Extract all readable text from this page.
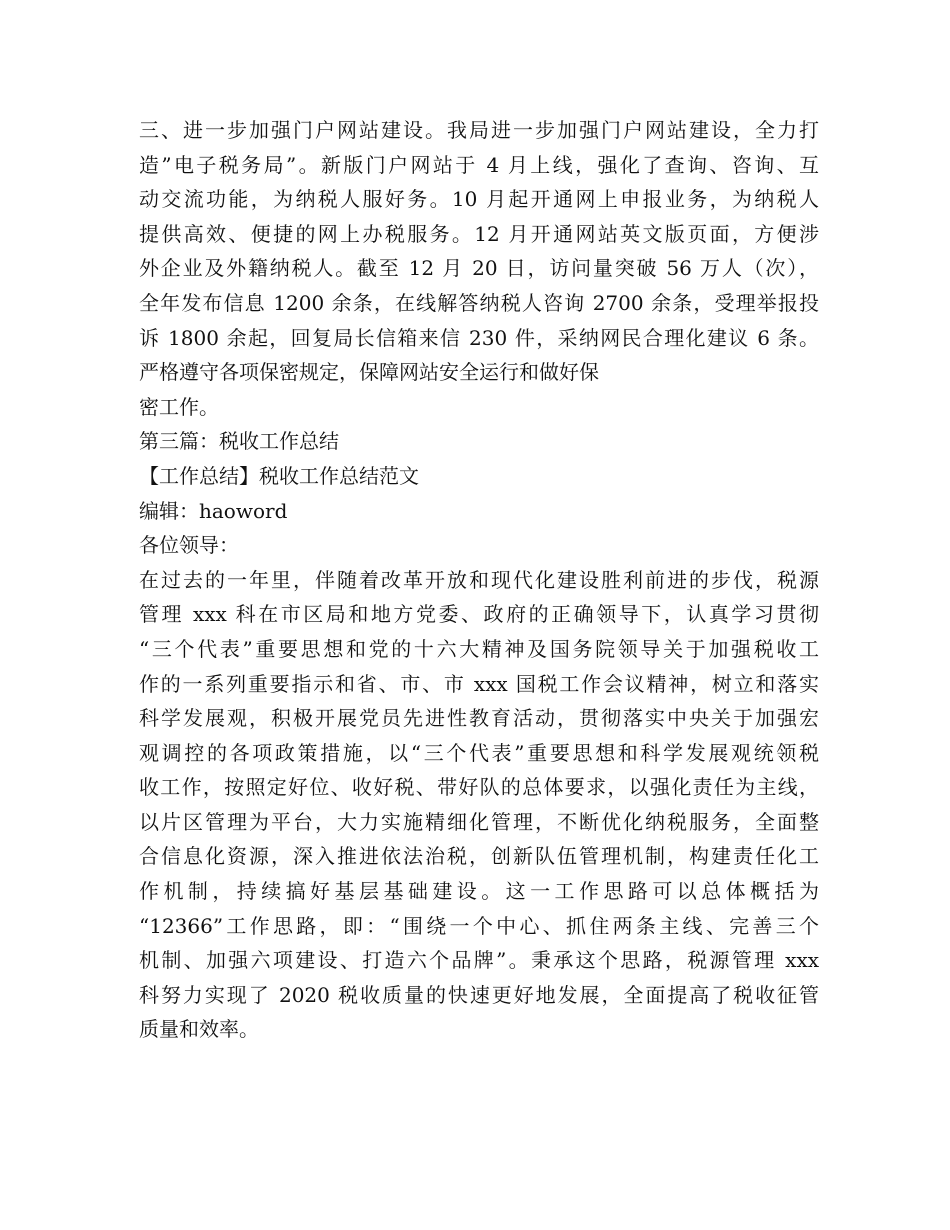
三、进一步加强门户网站建设。我局进一步加强门户网站建设，全力打
造”电子税务局”。新版门户网站于 4 月上线，强化了查询、咨询、互
动交流功能，为纳税人服好务。10 月起开通网上申报业务，为纳税人
提供高效、便捷的网上办税服务。12 月开通网站英文版页面，方便涉
外企业及外籍纳税人。截至 12 月 20 日，访问量突破 56 万人（次），
全年发布信息 1200 余条，在线解答纳税人咨询 2700 余条，受理举报投
诉 1800 余起，回复局长信箱来信 230 件，采纳网民合理化建议 6 条。
严格遵守各项保密规定，保障网站安全运行和做好保
密工作。
第三篇：税收工作总结
【工作总结】税收工作总结范文
编辑：haoword
各位领导：
在过去的一年里，伴随着改革开放和现代化建设胜利前进的步伐，税源
管理 xxx 科在市区局和地方党委、政府的正确领导下，认真学习贯彻
“三个代表”重要思想和党的十六大精神及国务院领导关于加强税收工
作的一系列重要指示和省、市、市 xxx 国税工作会议精神，树立和落实
科学发展观，积极开展党员先进性教育活动，贯彻落实中央关于加强宏
观调控的各项政策措施，以“三个代表”重要思想和科学发展观统领税
收工作，按照定好位、收好税、带好队的总体要求，以强化责任为主线，
以片区管理为平台，大力实施精细化管理，不断优化纳税服务，全面整
合信息化资源，深入推进依法治税，创新队伍管理机制，构建责任化工
作机制，持续搞好基层基础建设。这一工作思路可以总体概括为
“12366”工作思路，即：“围绕一个中心、抓住两条主线、完善三个
机制、加强六项建设、打造六个品牌”。秉承这个思路，税源管理 xxx
科努力实现了 2020 税收质量的快速更好地发展，全面提高了税收征管
质量和效率。
